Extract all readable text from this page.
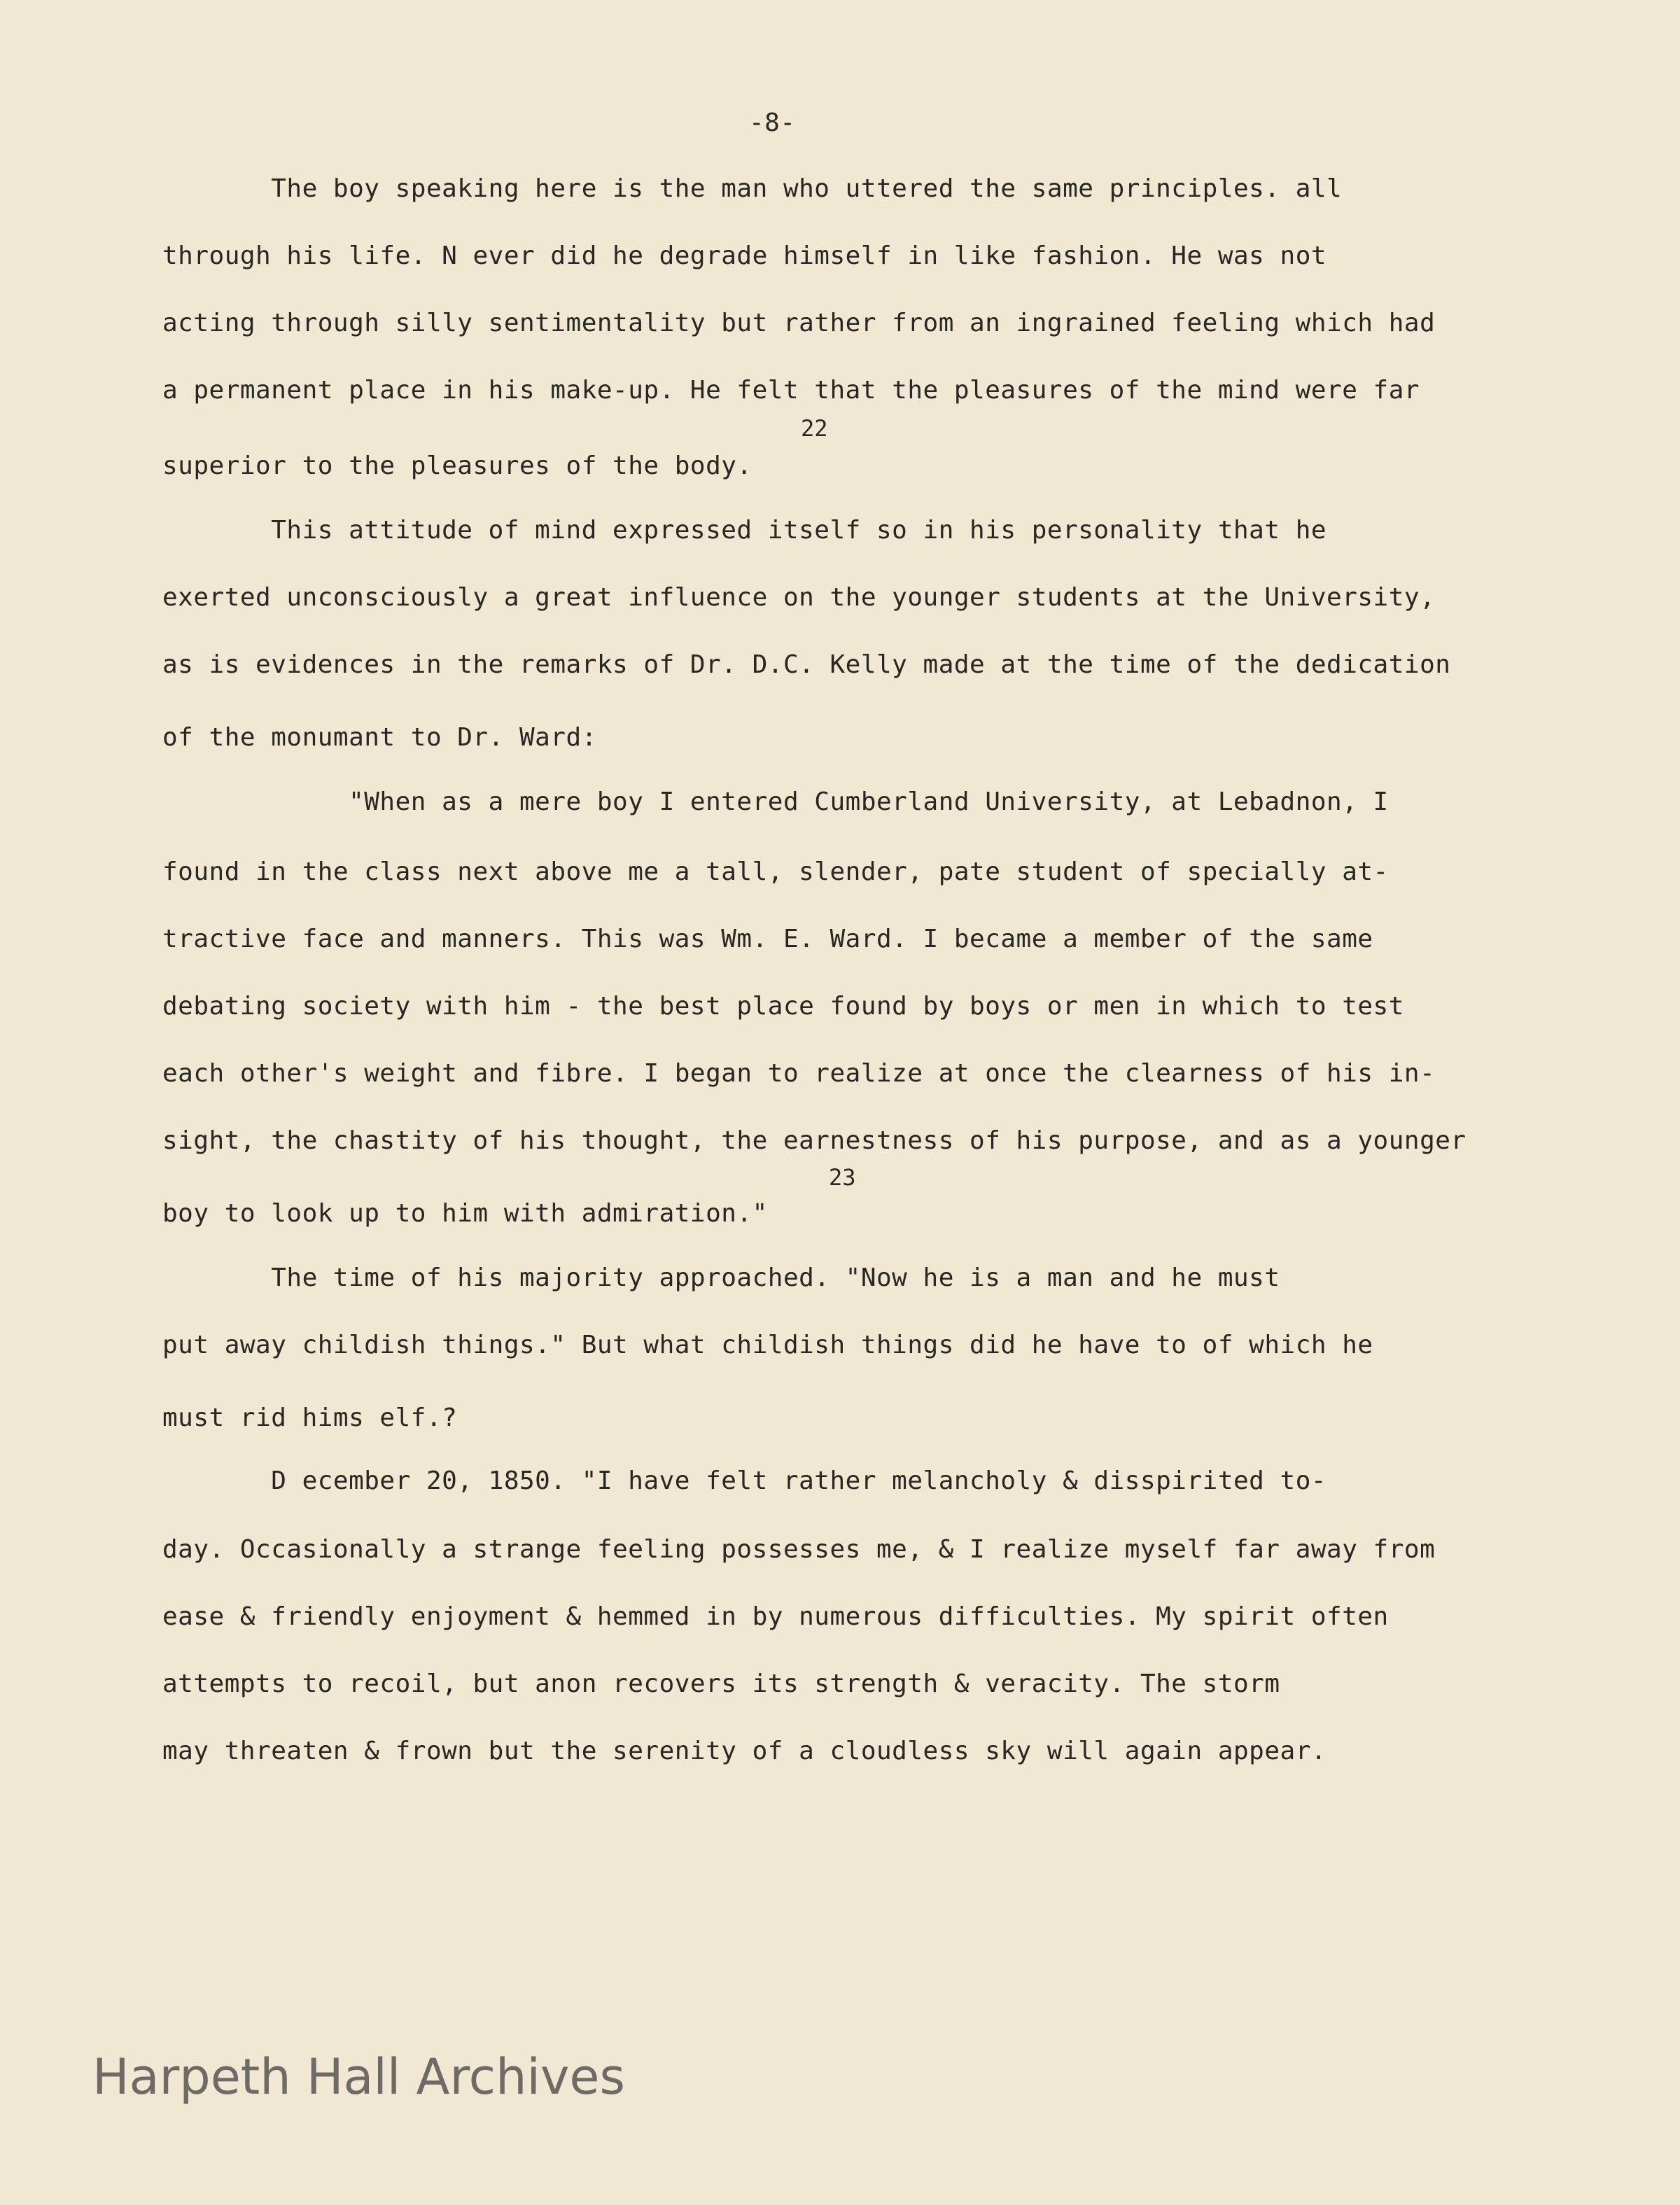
-8-
The boy speaking here is the man who uttered the same principles. all
through his life. N ever did he degrade himself in like fashion. He was not
acting through silly sentimentality but rather from an ingrained feeling which had
a permanent place in his make-up. He felt that the pleasures of the mind were far
22
superior to the pleasures of the body.
This attitude of mind expressed itself so in his personality that he
exerted unconsciously a great influence on the younger students at the University,
as is evidences in the remarks of Dr. D.C. Kelly made at the time of the dedication
of the monumant to Dr. Ward:
"When as a mere boy I entered Cumberland University, at Lebadnon, I
found in the class next above me a tall, slender, pate student of specially at-
tractive face and manners. This was Wm. E. Ward. I became a member of the same
debating society with him - the best place found by boys or men in which to test
each other's weight and fibre. I began to realize at once the clearness of his in-
sight, the chastity of his thought, the earnestness of his purpose, and as a younger
23
boy to look up to him with admiration."
The time of his majority approached. "Now he is a man and he must
put away childish things." But what childish things did he have to of which he
must rid hims elf.?
D ecember 20, 1850. "I have felt rather melancholy & disspirited to-
day. Occasionally a strange feeling possesses me, & I realize myself far away from
ease & friendly enjoyment & hemmed in by numerous difficulties. My spirit often
attempts to recoil, but anon recovers its strength & veracity. The storm
may threaten & frown but the serenity of a cloudless sky will again appear.
Harpeth Hall Archives
